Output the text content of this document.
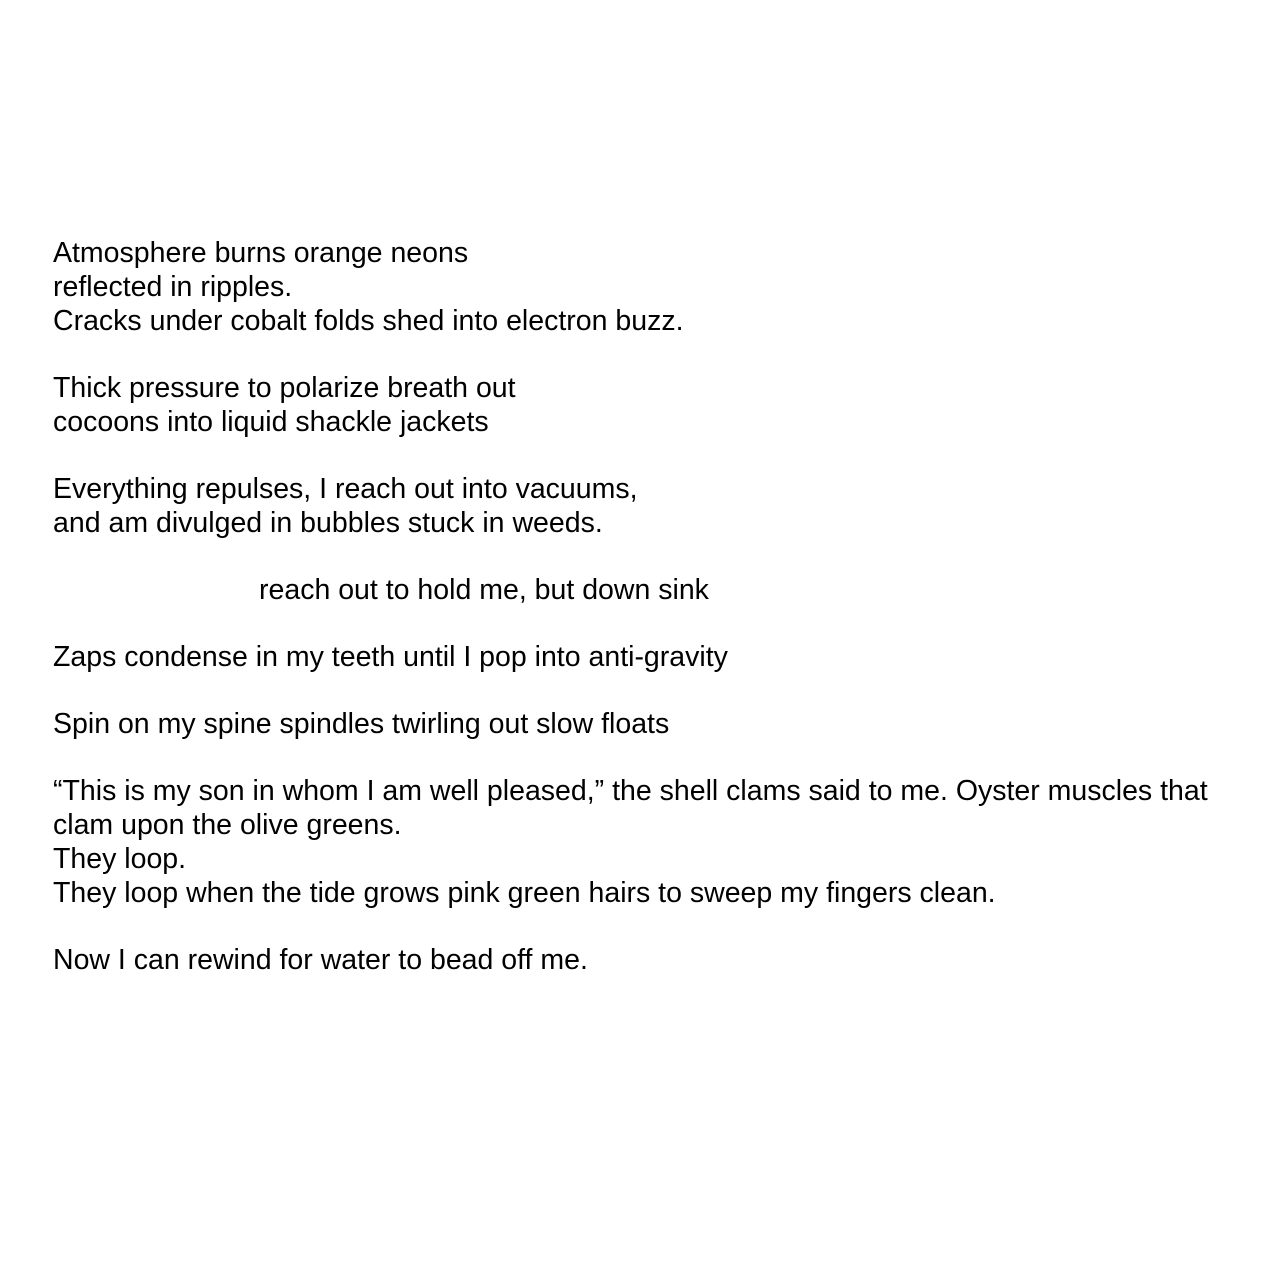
Atmosphere burns orange neons
reflected in ripples.
Cracks under cobalt folds shed into electron buzz.
Thick pressure to polarize breath out
cocoons into liquid shackle jackets
Everything repulses, I reach out into vacuums,
and am divulged in bubbles stuck in weeds.
reach out to hold me, but down sink
Zaps condense in my teeth until I pop into anti-gravity
Spin on my spine spindles twirling out slow floats
“This is my son in whom I am well pleased,” the shell clams said to me. Oyster muscles that clam upon the olive greens.
They loop.
They loop when the tide grows pink green hairs to sweep my fingers clean.
Now I can rewind for water to bead off me.
